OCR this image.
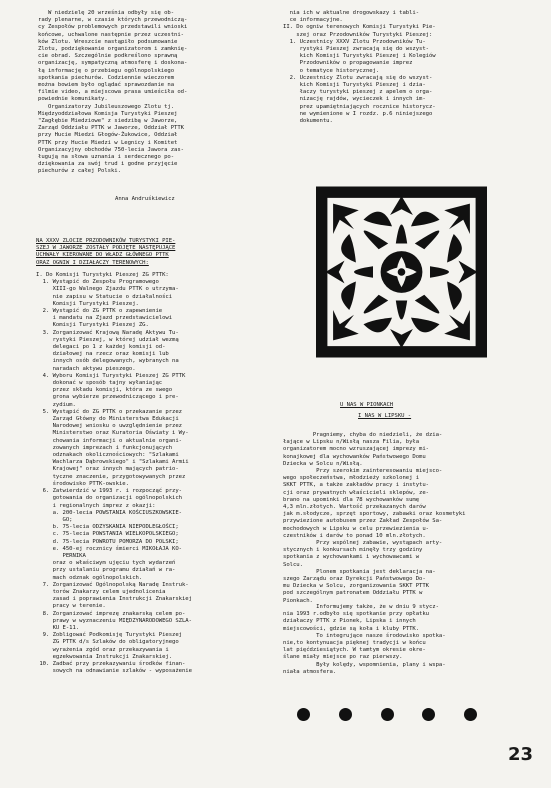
W niedzielę 20 września odbyły się ob-
rady plenarne, w czasie których przewodniczą-
cy Zespołów problemowych przedstawili wnioski
końcowe, uchwalone następnie przez uczestni-
ków Zlotu. Wreszcie nastąpiło podsumowanie
Zlotu, podziękowanie organizatorom i zamknię-
cie obrad. Szczególnie podkreślono sprawną
organizację, sympatyczną atmosferę i doskona-
łą informację o przebiegu ogólnopolskiego
spotkania piechurów. Codziennie wieczorem
można bowiem było oglądać sprawozdanie na
filmie video, a miejscowa prasa umieściła od-
powiednie komunikaty.
Organizatorzy Jubileuszowego Zlotu tj.
Międzyoddziałowa Komisja Turystyki Pieszej
"Zagłębie Miedziowe" z siedzibą w Jaworze,
Zarząd Oddziału PTTK w Jaworze, Oddział PTTK
przy Hucie Miedzi Głogów-Żukowice, Oddział
PTTK przy Hucie Miedzi w Legnicy i Komitet
Organizacyjny obchodów 750-lecia Jawora zas-
ługują na słowa uznania i serdecznego po-
dziękowania za swój trud i godne przyjęcie
piechurów z całej Polski.
Anna Andruśkiewicz
NA XXXV ZLOCIE PRZODOWNIKÓW TURYSTYKI PIE-
SZEJ W JAWORZE ZOSTAŁY PODJĘTE NASTĘPUJĄCE
UCHWAŁY KIEROWANE DO WŁADZ GŁÓWNEGO PTTK
ORAZ OGNIW I DZIAŁACZY TERENOWYCH:
I. Do Komisji Turystyki Pieszej ZG PTTK:
1. Wystąpić do Zespołu Programowego
XIII-go Walnego Zjazdu PTTK o utrzyma-
nie zapisu w Statucie o działalności
Komisji Turystyki Pieszej.
2. Wystąpić do ZG PTTK o zapewnienie
i mandatu na Zjazd przedstawicielowi
Komisji Turystyki Pieszej ZG.
3. Zorganizować Krajową Naradę Aktywu Tu-
rystyki Pieszej, w której udział wezmą
delegaci po 1 z każdej komisji od-
działowej na rzecz oraz komisji lub
innych osób delegowanych, wybranych na
naradach aktywu pieszego.
4. Wyboru Komisji Turystyki Pieszej ZG PTTK
dokonać w sposób tajny wyłaniając
przez składu komisji, która ze swego
grona wybierze przewodniczącego i pre-
zydium.
5. Wystąpić do ZG PTTK o przekazanie przez
Zarząd Główny do Ministerstwa Edukacji
Narodowej wniosku o uwzględnienie przez
Ministerstwo oraz Kuratoria Oświaty i Wy-
chowania informacji o aktualnie organi-
zowanych imprezach i funkcjonujących
odznakach okolicznościowych: "Szlakami
Wachlarza Dąbrowskiego" i "Szlakami Armii
Krajowej" oraz innych mających patrio-
tyczne znaczenie, przygotowywanych przez
środowisko PTTK-owskie.
6. Zatwierdzić w 1993 r. i rozpocząć przy-
gotowania do organizacji ogólnopolskich
i regionalnych imprez z okazji:
a. 200-lecia POWSTANIA KOŚCIUSZKOWSKIE-
GO;
b. 75-lecia ODZYSKANIA NIEPODLEGŁOŚCI;
c. 75-lecia POWSTANIA WIELKOPOLSKIEGO;
d. 75-lecia POWROTU POMORZA DO POLSKI;
e. 450-ej rocznicy śmierci MIKOŁAJA KO-
PERNIKA
oraz o właściwym ujęciu tych wydarzeń
przy ustalaniu programu działań w ra-
mach odznak ogólnopolskich.
7. Zorganizować Ogólnopolską Naradę Instruk-
torów Znakarzy celem ujednolicenia
zasad i poprawienia Instrukcji Znakarskiej
pracy w terenie.
8. Zorganizować imprezę znakarską celem po-
prawy w wyznaczeniu MIĘDZYNARODOWEGO SZLA-
KU E-11.
9. Zobligować Podkomisję Turystyki Pieszej
ZG PTTK d/s Szlaków do obligatoryjnego
wyrażenia zgód oraz przekazywania i
egzekwowania Instrukcji Znakarskiej.
10. Zadbać przy przekazywaniu środków finan-
sowych na odnawianie szlaków - wyposażenie
nia ich w aktualne drogowskazy i tabli-
ce informacyjne.
II. Do ogniw terenowych Komisji Turystyki Pie-
szej oraz Przodowników Turystyki Pieszej:
1. Uczestnicy XXXV Zlotu Przodowników Tu-
rystyki Pieszej zwracają się do wszyst-
kich Komisji Turystyki Pieszej i Kolegiów
Przodowników o propagowanie imprez
o tematyce historycznej.
2. Uczestnicy Zlotu zwracają się do wszyst-
kich Komisji Turystyki Pieszej i dzia-
łaczy turystyki pieszej z apelem o orga-
nizację rajdów, wycieczek i innych im-
prez upamiętniających rocznice historycz-
ne wymienione w I rozdz. p.6 niniejszego
dokumentu.
U NAS W PIONKACH
I NAS W LIPSKU -
Pragniemy, chyba do niedzieli, że dzia-
łające w Lipsku n/Wisłą nasza Filia, była
organizatorem mocno wzruszającej imprezy mi-
konajkowej dla wychowanków Państwowego Domu
Dziecka w Solcu n/Wisłą.
Przy szerokim zainteresowaniu miejsco-
wego społeczeństwa, młodzieży szkolonej i
SKKT PTTK, a także zakładów pracy i instytu-
cji oraz prywatnych właścicieli sklepów, ze-
brano na upominki dla 78 wychowanków sumę
4,3 mln.złotych. Wartość przekazanych darów
jak m.słodycze, sprzęt sportowy, zabawki oraz kosmetyki
przywiezione autobusem przez Zakład Zespołów Sa-
mochodowych w Lipsku w celu przewiezienia u-
czestników i darów to ponad 10 mln.złotych.
Przy wspólnej zabawie, wystąpach arty-
stycznych i konkursach minęły trzy godziny
spotkania z wychowankami i wychowawcami w
Solcu.
Plonem spotkania jest deklaracja na-
szego Zarządu oraz Dyrekcji Państwowego Do-
mu Dziecka w Solcu, zorganizowania SKKT PTTK
pod szczególnym patronatem Oddziału PTTK w
Pionkach.
Informujemy także, że w dniu 9 stycz-
nia 1993 r.odbyło się spotkanie przy opłatku
działaczy PTTK z Pionek, Lipska i innych
miejscowości, gdzie są koła i kluby PTTK.
To integrujące nasze środowisko spotka-
nie,to kontynuacja pięknej tradycji w końcu
lat pięćdziesiątych. W tamtym okresie okre-
ślane miały miejsce po raz pierwszy.
Były kolędy, wspomnienia, plany i wspa-
niała atmosfera.
23
